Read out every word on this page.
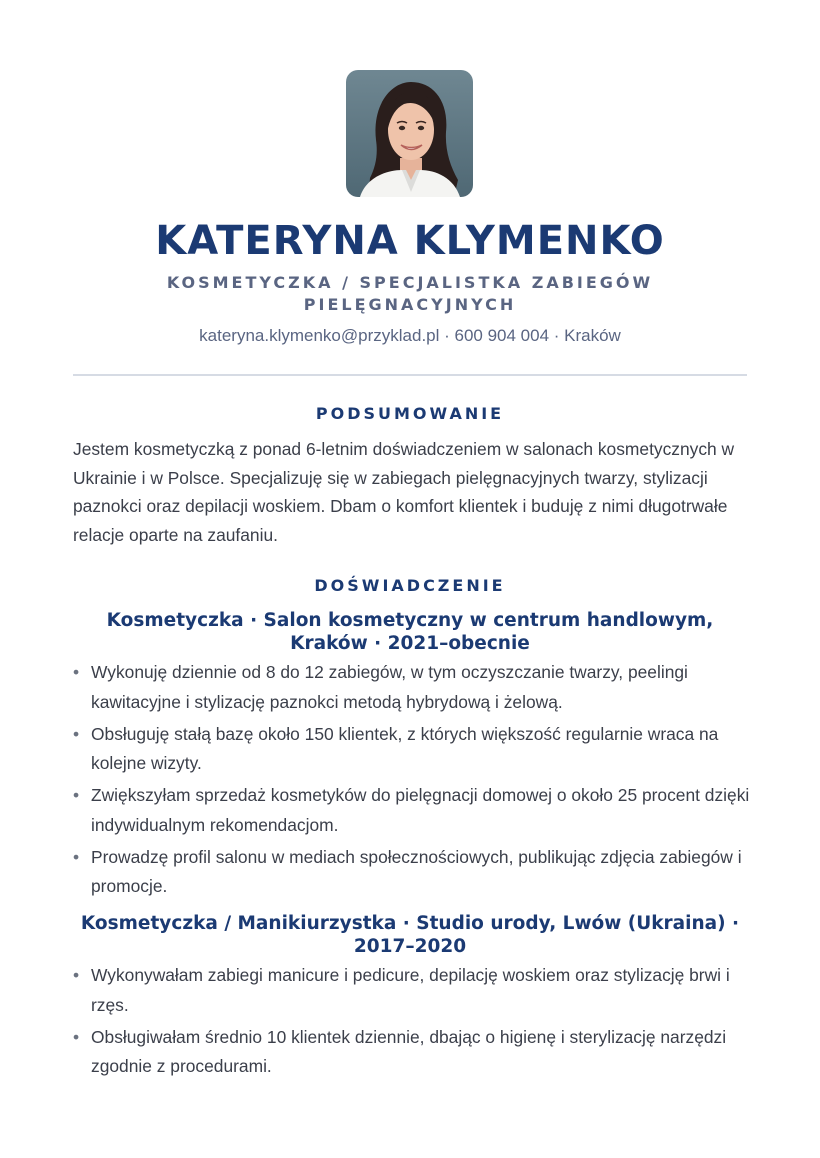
KATERYNA KLYMENKO
KOSMETYCZKA / SPECJALISTKA ZABIEGÓW PIELĘGNACYJNYCH
kateryna.klymenko@przyklad.pl · 600 904 004 · Kraków
PODSUMOWANIE

Jestem kosmetyczką z ponad 6-letnim doświadczeniem w salonach kosmetycznych w Ukrainie i w Polsce. Specjalizuję się w zabiegach pielęgnacyjnych twarzy, stylizacji paznokci oraz depilacji woskiem. Dbam o komfort klientek i buduję z nimi długotrwałe relacje oparte na zaufaniu.

DOŚWIADCZENIE
Kosmetyczka · Salon kosmetyczny w centrum handlowym, Kraków · 2021–obecnie
• Wykonuję dziennie od 8 do 12 zabiegów, w tym oczyszczanie twarzy, peelingi kawitacyjne i stylizację paznokci metodą hybrydową i żelową.
• Obsługuję stałą bazę około 150 klientek, z których większość regularnie wraca na kolejne wizyty.
• Zwiększyłam sprzedaż kosmetyków do pielęgnacji domowej o około 25 procent dzięki indywidualnym rekomendacjom.
• Prowadzę profil salonu w mediach społecznościowych, publikując zdjęcia zabiegów i promocje.
Kosmetyczka / Manikiurzystka · Studio urody, Lwów (Ukraina) · 2017–2020
• Wykonywałam zabiegi manicure i pedicure, depilację woskiem oraz stylizację brwi i rzęs.
• Obsługiwałam średnio 10 klientek dziennie, dbając o higienę i sterylizację narzędzi zgodnie z procedurami.
